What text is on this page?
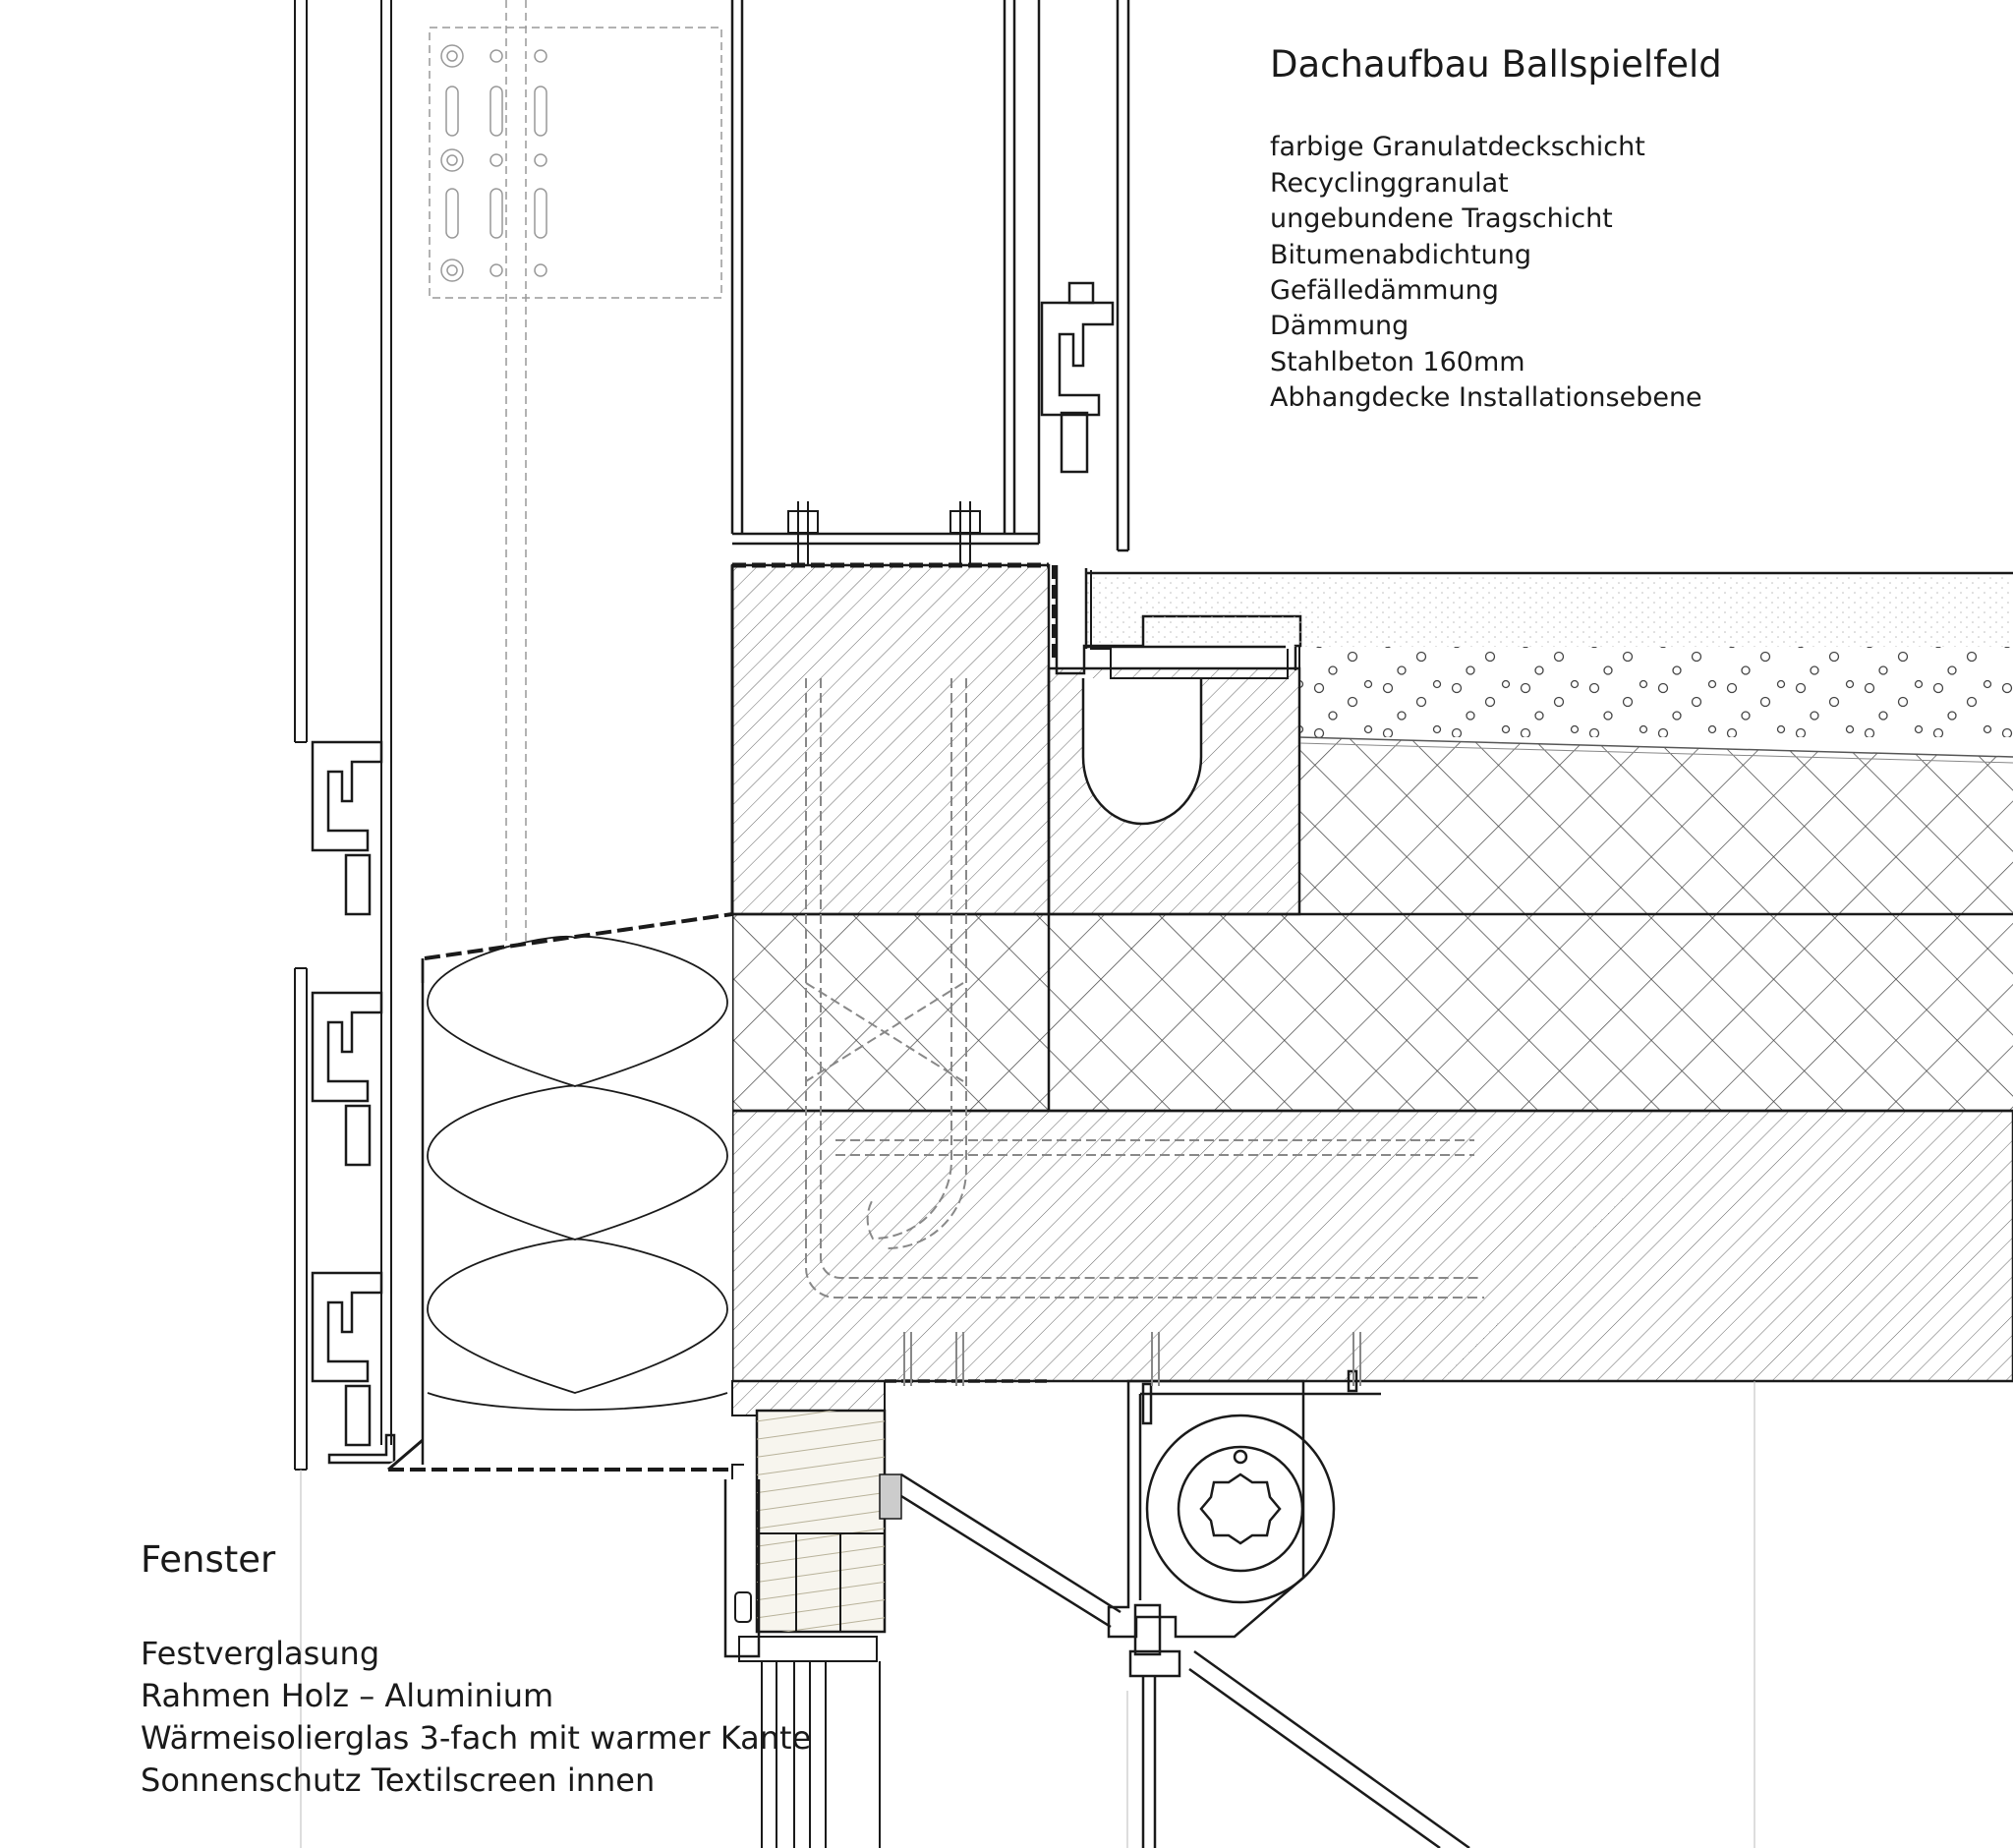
Dachaufbau Ballspielfeld
farbige Granulatdeckschicht
Recyclinggranulat
ungebundene Tragschicht
Bitumenabdichtung
Gefälledämmung
Dämmung
Stahlbeton 160mm
Abhangdecke Installationsebene
Fenster
Festverglasung
Rahmen Holz – Aluminium
Wärmeisolierglas 3-fach mit warmer Kante
Sonnenschutz Textilscreen innen
